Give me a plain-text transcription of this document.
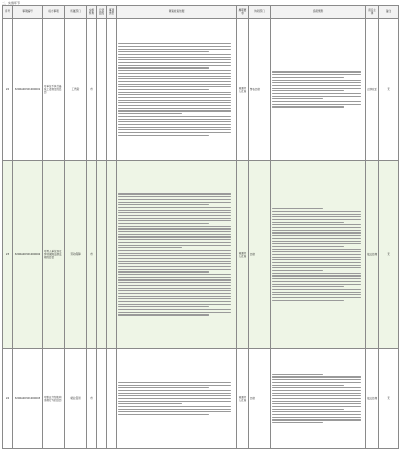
二、实施环节
序号	事项编号	权力事项	所属部门	实施机构	行使层级	事项类型	调查检查依据	履职要求	协同部门	追责情形	责任主体	备注
22	3206A00321000001	对单位不执行最低工资规定的处罚	工伤险	市				南通市人社局	警告罚款		立即改正	无
23	3206A00321000002	对用人单位违反劳动保障法律法规的处罚	劳动保障	市				南通市人社局	罚款		依法处理	无
24	3206A00321000003	对职业介绍机构违规行为的处罚	就业促进	市				南通市人社局	罚款		依法处理	无
